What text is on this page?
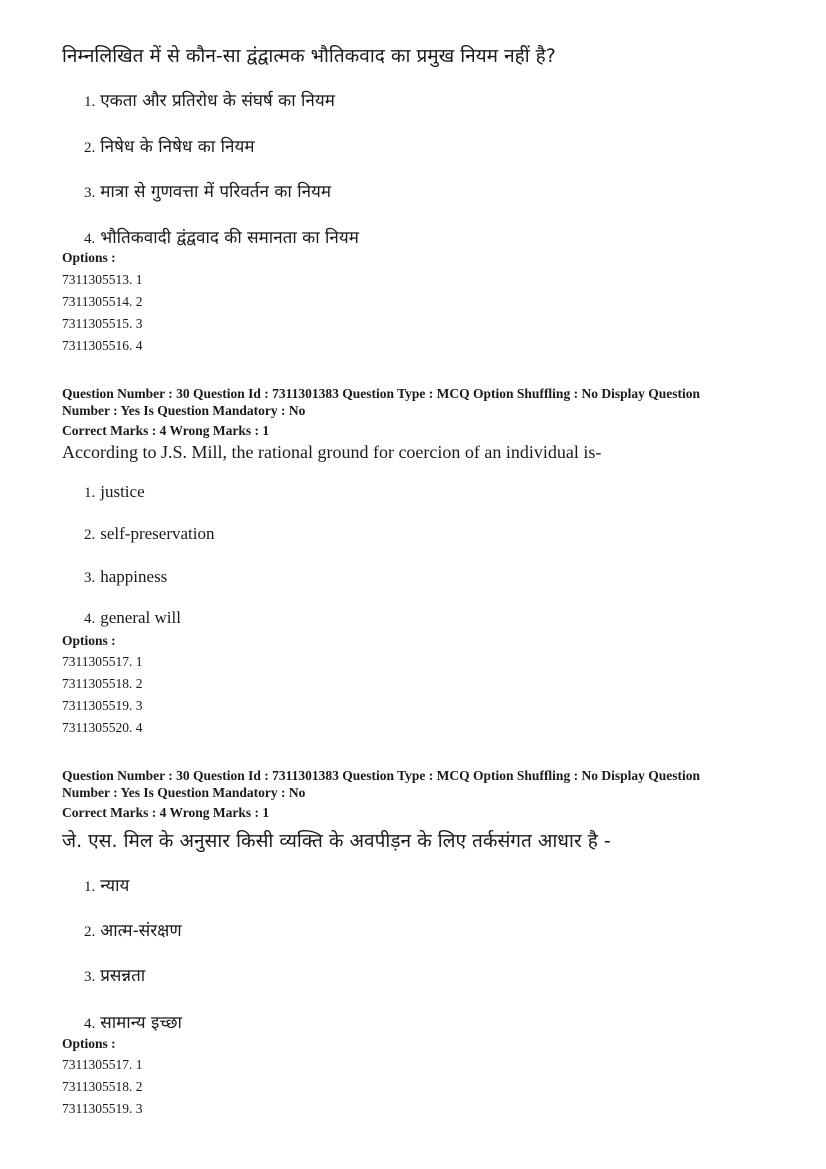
निम्नलिखित में से कौन-सा द्वंद्वात्मक भौतिकवाद का प्रमुख नियम नहीं है?
1. एकता और प्रतिरोध के संघर्ष का नियम
2. निषेध के निषेध का नियम
3. मात्रा से गुणवत्ता में परिवर्तन का नियम
4. भौतिकवादी द्वंद्ववाद की समानता का नियम
Options :
7311305513. 1
7311305514. 2
7311305515. 3
7311305516. 4
Question Number : 30 Question Id : 7311301383 Question Type : MCQ Option Shuffling : No Display Question
Number : Yes Is Question Mandatory : No
Correct Marks : 4 Wrong Marks : 1
According to J.S. Mill, the rational ground for coercion of an individual is-
1. justice
2. self-preservation
3. happiness
4. general will
Options :
7311305517. 1
7311305518. 2
7311305519. 3
7311305520. 4
Question Number : 30 Question Id : 7311301383 Question Type : MCQ Option Shuffling : No Display Question
Number : Yes Is Question Mandatory : No
Correct Marks : 4 Wrong Marks : 1
जे. एस. मिल के अनुसार किसी व्यक्ति के अवपीड़न के लिए तर्कसंगत आधार है -
1. न्याय
2. आत्म-संरक्षण
3. प्रसन्नता
4. सामान्य इच्छा
Options :
7311305517. 1
7311305518. 2
7311305519. 3
